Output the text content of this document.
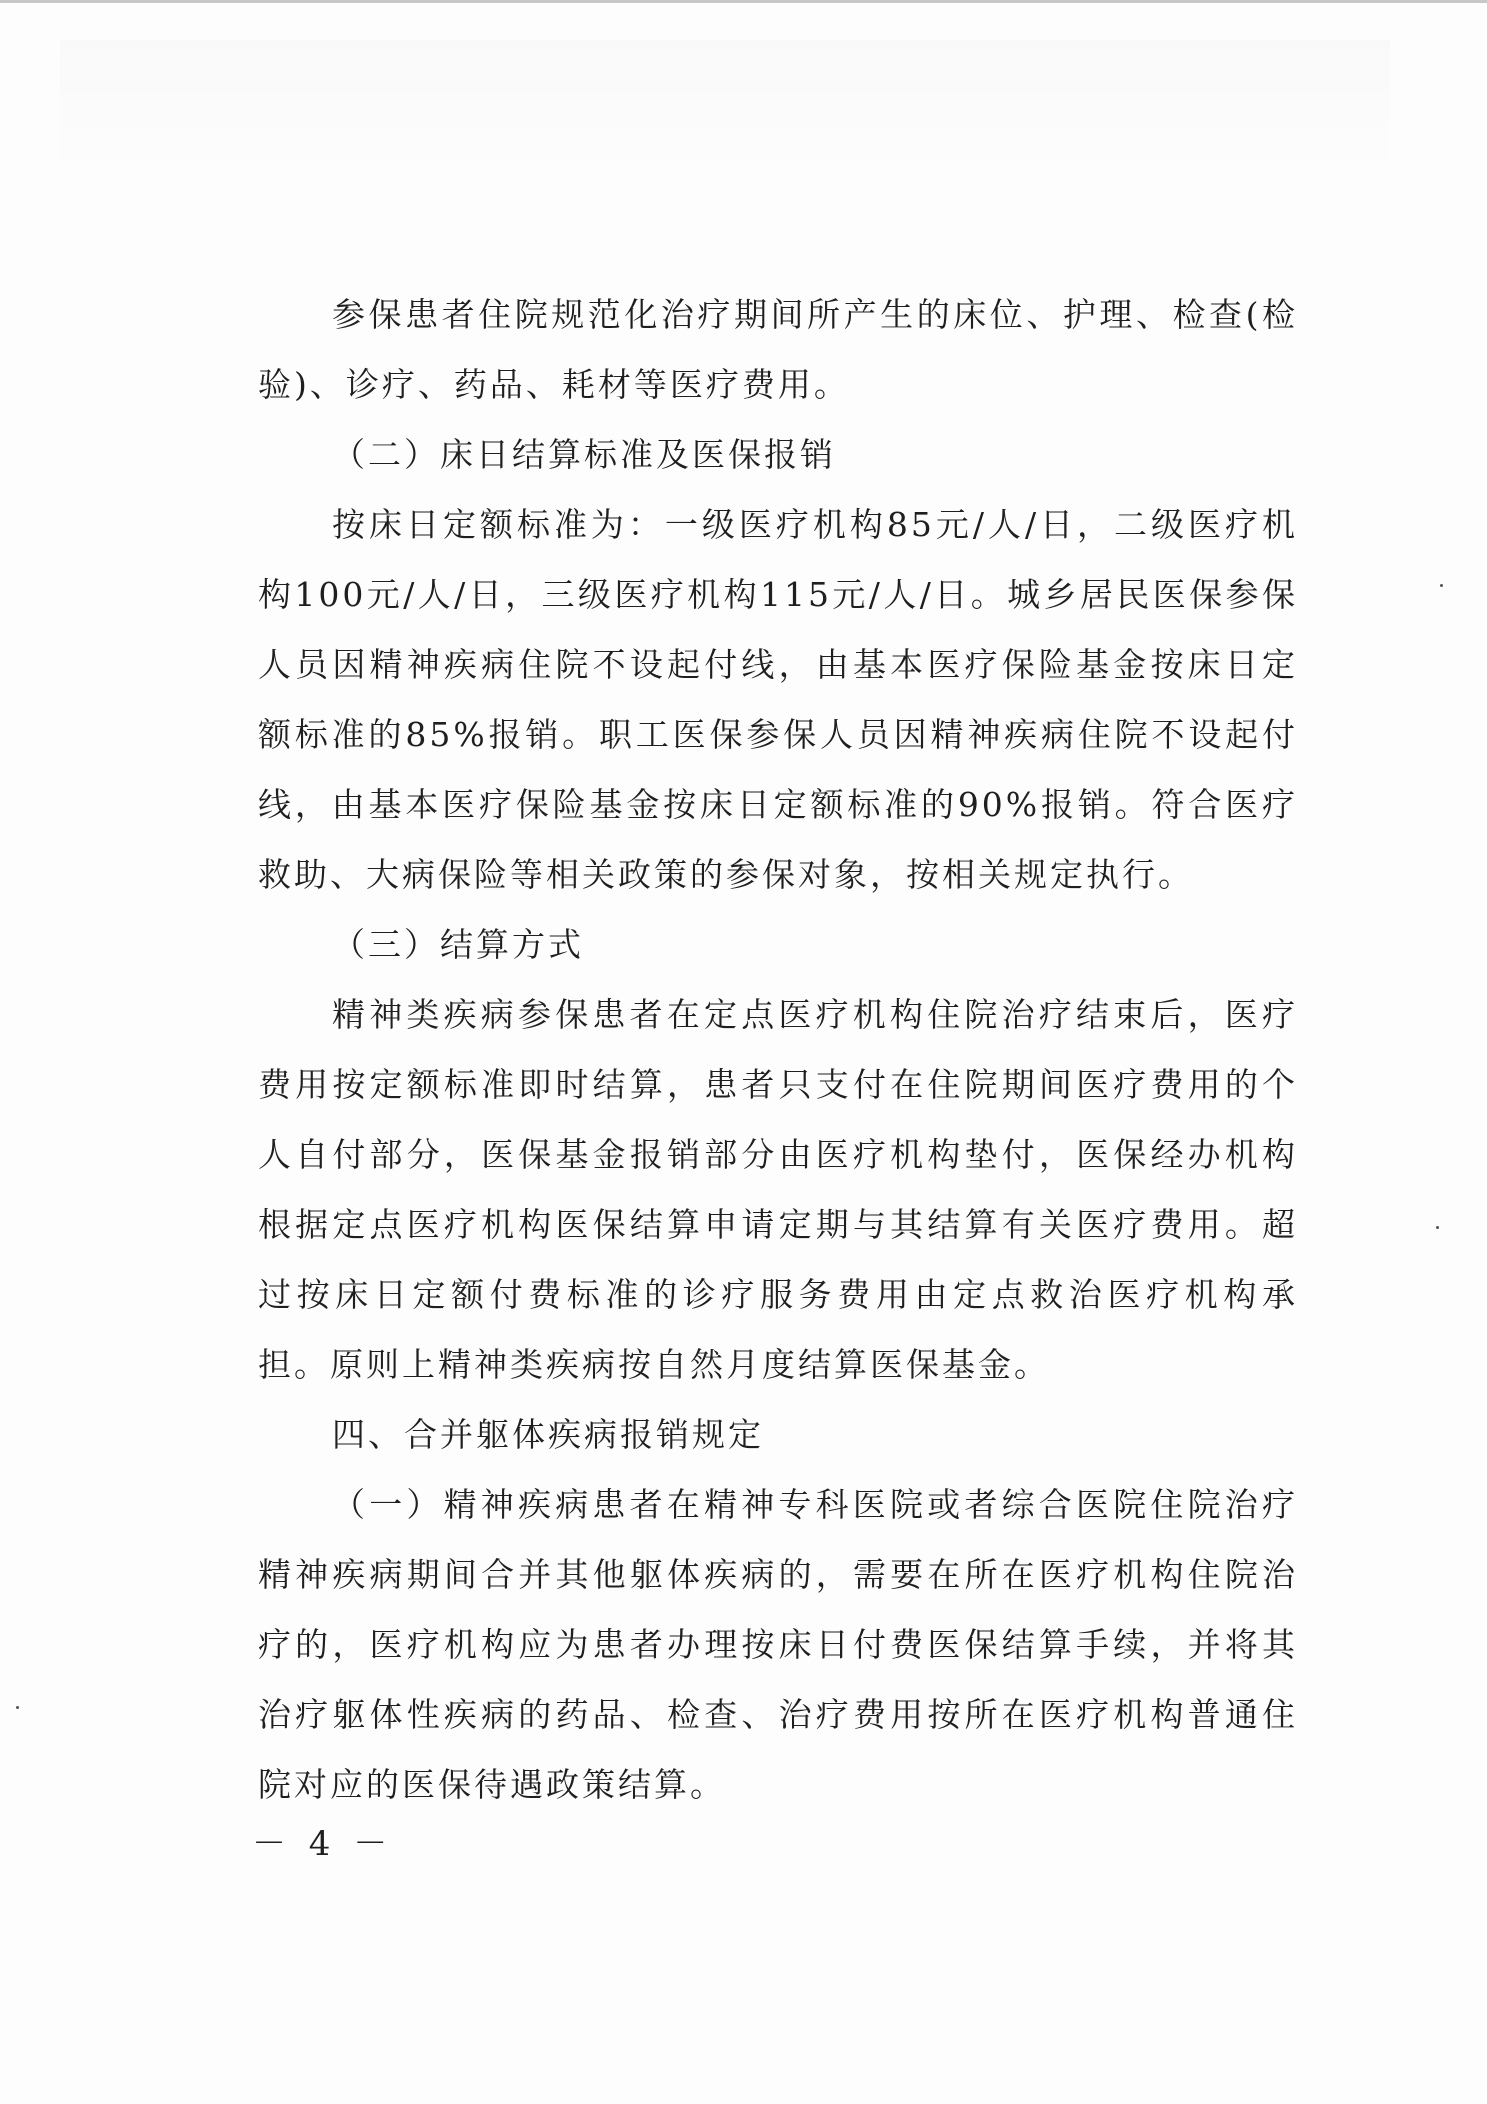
参保患者住院规范化治疗期间所产生的床位、护理、检查(检验)、诊疗、药品、耗材等医疗费用。

（二）床日结算标准及医保报销

按床日定额标准为：一级医疗机构85元/人/日，二级医疗机构100元/人/日，三级医疗机构115元/人/日。城乡居民医保参保人员因精神疾病住院不设起付线，由基本医疗保险基金按床日定额标准的85%报销。职工医保参保人员因精神疾病住院不设起付线，由基本医疗保险基金按床日定额标准的90%报销。符合医疗救助、大病保险等相关政策的参保对象，按相关规定执行。

（三）结算方式

精神类疾病参保患者在定点医疗机构住院治疗结束后，医疗费用按定额标准即时结算，患者只支付在住院期间医疗费用的个人自付部分，医保基金报销部分由医疗机构垫付，医保经办机构根据定点医疗机构医保结算申请定期与其结算有关医疗费用。超过按床日定额付费标准的诊疗服务费用由定点救治医疗机构承担。原则上精神类疾病按自然月度结算医保基金。

四、合并躯体疾病报销规定

（一）精神疾病患者在精神专科医院或者综合医院住院治疗精神疾病期间合并其他躯体疾病的，需要在所在医疗机构住院治疗的，医疗机构应为患者办理按床日付费医保结算手续，并将其治疗躯体性疾病的药品、检查、治疗费用按所在医疗机构普通住院对应的医保待遇政策结算。

－ 4 －
